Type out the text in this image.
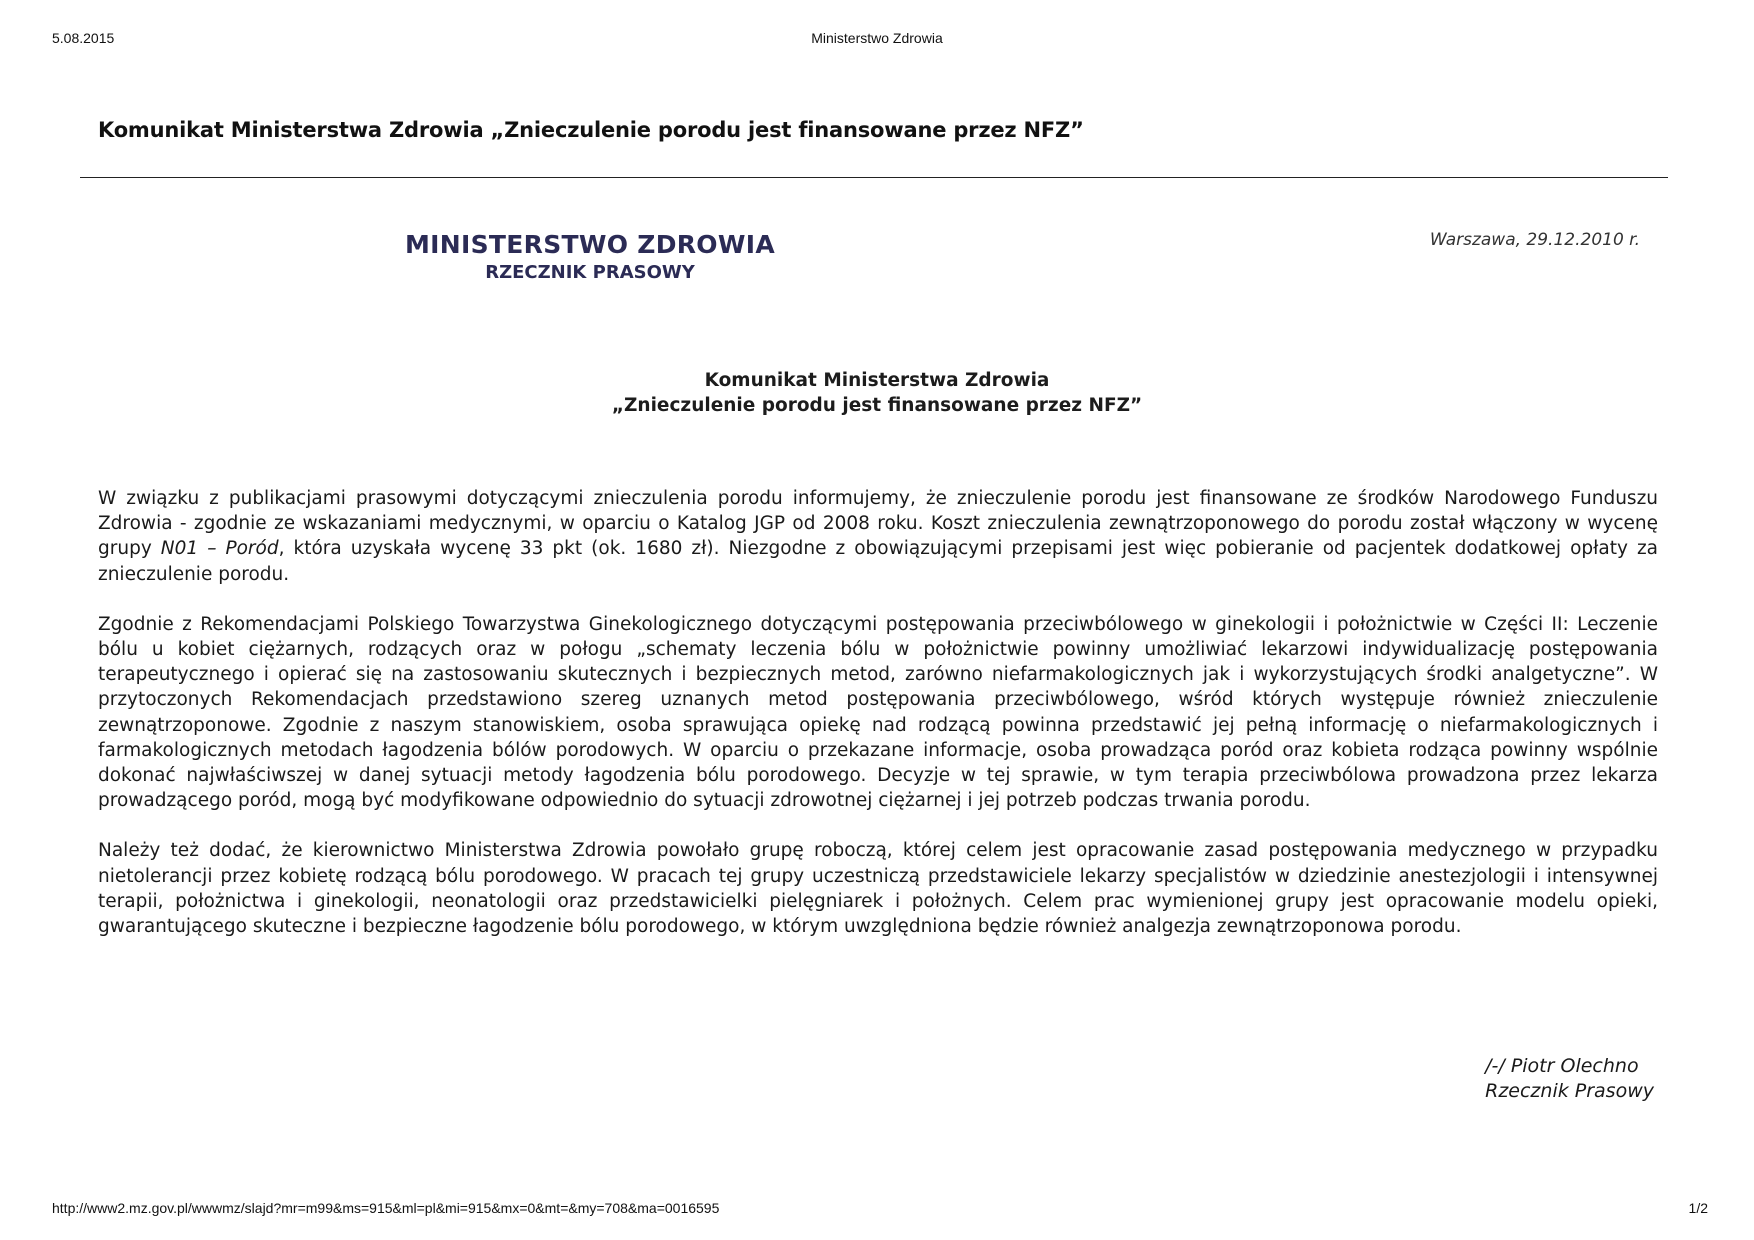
5.08.2015	Ministerstwo Zdrowia
Komunikat Ministerstwa Zdrowia „Znieczulenie porodu jest finansowane przez NFZ”
MINISTERSTWO ZDROWIA
RZECZNIK PRASOWY
Warszawa, 29.12.2010 r.
Komunikat Ministerstwa Zdrowia
„Znieczulenie porodu jest finansowane przez NFZ”

W związku z publikacjami prasowymi dotyczącymi znieczulenia porodu informujemy, że znieczulenie porodu jest finansowane ze środków Narodowego Funduszu Zdrowia - zgodnie ze wskazaniami medycznymi, w oparciu o Katalog JGP od 2008 roku. Koszt znieczulenia zewnątrzoponowego do porodu został włączony w wycenę grupy N01 – Poród, która uzyskała wycenę 33 pkt (ok. 1680 zł). Niezgodne z obowiązującymi przepisami jest więc pobieranie od pacjentek dodatkowej opłaty za znieczulenie porodu.

Zgodnie z Rekomendacjami Polskiego Towarzystwa Ginekologicznego dotyczącymi postępowania przeciwbólowego w ginekologii i położnictwie w Części II: Leczenie bólu u kobiet ciężarnych, rodzących oraz w połogu „schematy leczenia bólu w położnictwie powinny umożliwiać lekarzowi indywidualizację postępowania terapeutycznego i opierać się na zastosowaniu skutecznych i bezpiecznych metod, zarówno niefarmakologicznych jak i wykorzystujących środki analgetyczne”. W przytoczonych Rekomendacjach przedstawiono szereg uznanych metod postępowania przeciwbólowego, wśród których występuje również znieczulenie zewnątrzoponowe. Zgodnie z naszym stanowiskiem, osoba sprawująca opiekę nad rodzącą powinna przedstawić jej pełną informację o niefarmakologicznych i farmakologicznych metodach łagodzenia bólów porodowych. W oparciu o przekazane informacje, osoba prowadząca poród oraz kobieta rodząca powinny wspólnie dokonać najwłaściwszej w danej sytuacji metody łagodzenia bólu porodowego. Decyzje w tej sprawie, w tym terapia przeciwbólowa prowadzona przez lekarza prowadzącego poród, mogą być modyfikowane odpowiednio do sytuacji zdrowotnej ciężarnej i jej potrzeb podczas trwania porodu.

Należy też dodać, że kierownictwo Ministerstwa Zdrowia powołało grupę roboczą, której celem jest opracowanie zasad postępowania medycznego w przypadku nietolerancji przez kobietę rodzącą bólu porodowego. W pracach tej grupy uczestniczą przedstawiciele lekarzy specjalistów w dziedzinie anestezjologii i intensywnej terapii, położnictwa i ginekologii, neonatologii oraz przedstawicielki pielęgniarek i położnych. Celem prac wymienionej grupy jest opracowanie modelu opieki, gwarantującego skuteczne i bezpieczne łagodzenie bólu porodowego, w którym uwzględniona będzie również analgezja zewnątrzoponowa porodu.

/-/ Piotr Olechno
Rzecznik Prasowy
http://www2.mz.gov.pl/wwwmz/slajd?mr=m99&ms=915&ml=pl&mi=915&mx=0&mt=&my=708&ma=0016595	1/2
